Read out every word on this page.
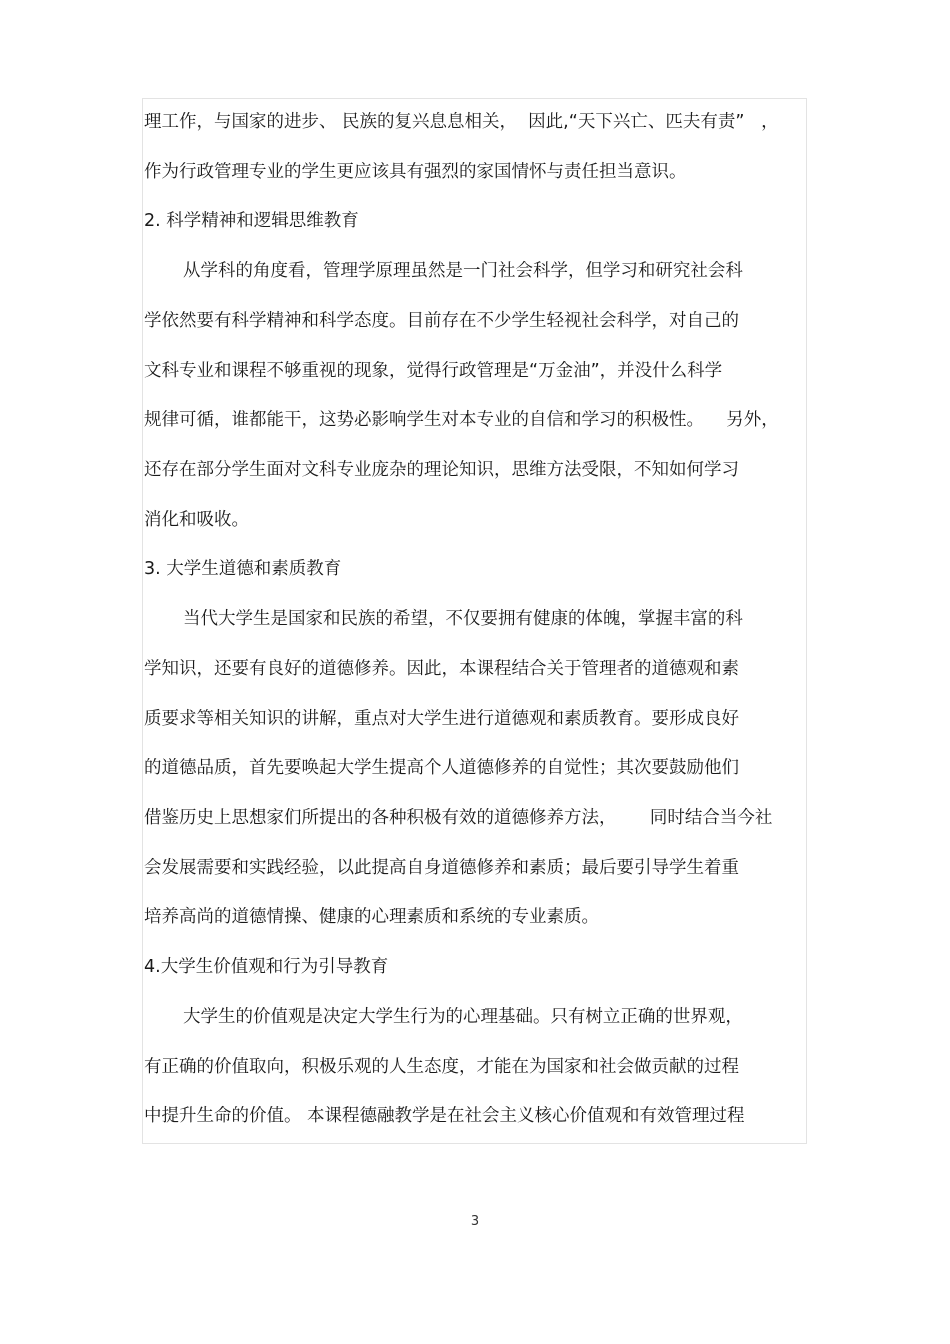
理工作，与国家的进步、 民族的复兴息息相关，  因此,“天下兴亡、匹夫有责”   ，
作为行政管理专业的学生更应该具有强烈的家国情怀与责任担当意识。
2. 科学精神和逻辑思维教育
从学科的角度看，管理学原理虽然是一门社会科学，但学习和研究社会科
学依然要有科学精神和科学态度。目前存在不少学生轻视社会科学，对自己的
文科专业和课程不够重视的现象，觉得行政管理是“万金油”，并没什么科学
规律可循，谁都能干，这势必影响学生对本专业的自信和学习的积极性。    另外，
还存在部分学生面对文科专业庞杂的理论知识，思维方法受限，不知如何学习
消化和吸收。
3. 大学生道德和素质教育
当代大学生是国家和民族的希望，不仅要拥有健康的体魄，掌握丰富的科
学知识，还要有良好的道德修养。因此，本课程结合关于管理者的道德观和素
质要求等相关知识的讲解，重点对大学生进行道德观和素质教育。要形成良好
的道德品质，首先要唤起大学生提高个人道德修养的自觉性；其次要鼓励他们
借鉴历史上思想家们所提出的各种积极有效的道德修养方法，      同时结合当今社
会发展需要和实践经验，以此提高自身道德修养和素质；最后要引导学生着重
培养高尚的道德情操、健康的心理素质和系统的专业素质。
4.大学生价值观和行为引导教育
大学生的价值观是决定大学生行为的心理基础。只有树立正确的世界观，
有正确的价值取向，积极乐观的人生态度，才能在为国家和社会做贡献的过程
中提升生命的价值。 本课程德融教学是在社会主义核心价值观和有效管理过程
3
